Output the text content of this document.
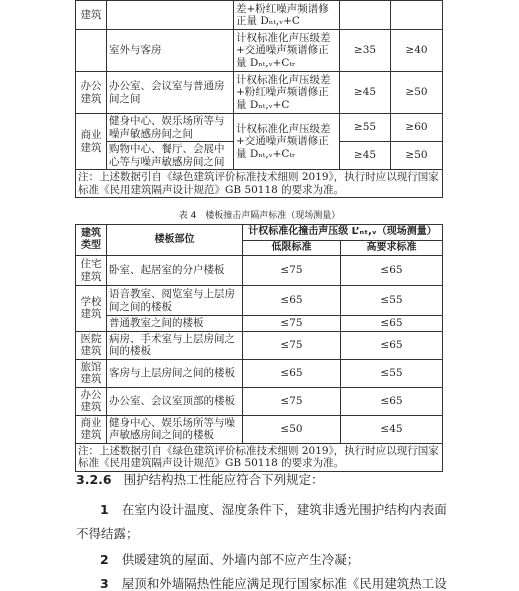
建筑		差+粉红噪声频谱修正量 Dₙₜ,ᵥ+C		
	室外与客房	计权标准化声压级差+交通噪声频谱修正量 Dₙₜ,ᵥ+Cₜᵣ	≥35	≥40
办公建筑	办公室、会议室与普通房间之间	计权标准化声压级差+粉红噪声频谱修正量 Dₙₜ,ᵥ+C	≥45	≥50
商业建筑	健身中心、娱乐场所等与噪声敏感房间之间	计权标准化声压级差+交通噪声频谱修正量 Dₙₜ,ᵥ+Cₜᵣ	≥55	≥60
	购物中心、餐厅、会展中心等与噪声敏感房间之间		≥45	≥50
注：上述数据引自《绿色建筑评价标准技术细则 2019》，执行时应以现行国家标准《民用建筑隔声设计规范》GB 50118 的要求为准。				
表 4　楼板撞击声隔声标准（现场测量）
建筑类型	楼板部位	计权标准化撞击声压级 L’ₙₜ,ᵥ（现场测量）	
		低限标准	高要求标准
住宅建筑	卧室、起居室的分户楼板	≤75	≤65
学校建筑	语音教室、阅览室与上层房间之间的楼板	≤65	≤55
	普通教室之间的楼板	≤75	≤65
医院建筑	病房、手术室与上层房间之间的楼板	≤75	≤65
旅馆建筑	客房与上层房间之间的楼板	≤65	≤55
办公建筑	办公室、会议室顶部的楼板	≤75	≤65
商业建筑	健身中心、娱乐场所等与噪声敏感房间之间的楼板	≤50	≤45
注：上述数据引自《绿色建筑评价标准技术细则 2019》，执行时应以现行国家标准《民用建筑隔声设计规范》GB 50118 的要求为准。			
3.2.6 围护结构热工性能应符合下列规定：
1 在室内设计温度、湿度条件下，建筑非透光围护结构内表面
不得结露；
2 供暖建筑的屋面、外墙内部不应产生冷凝；
3 屋顶和外墙隔热性能应满足现行国家标准《民用建筑热工设
